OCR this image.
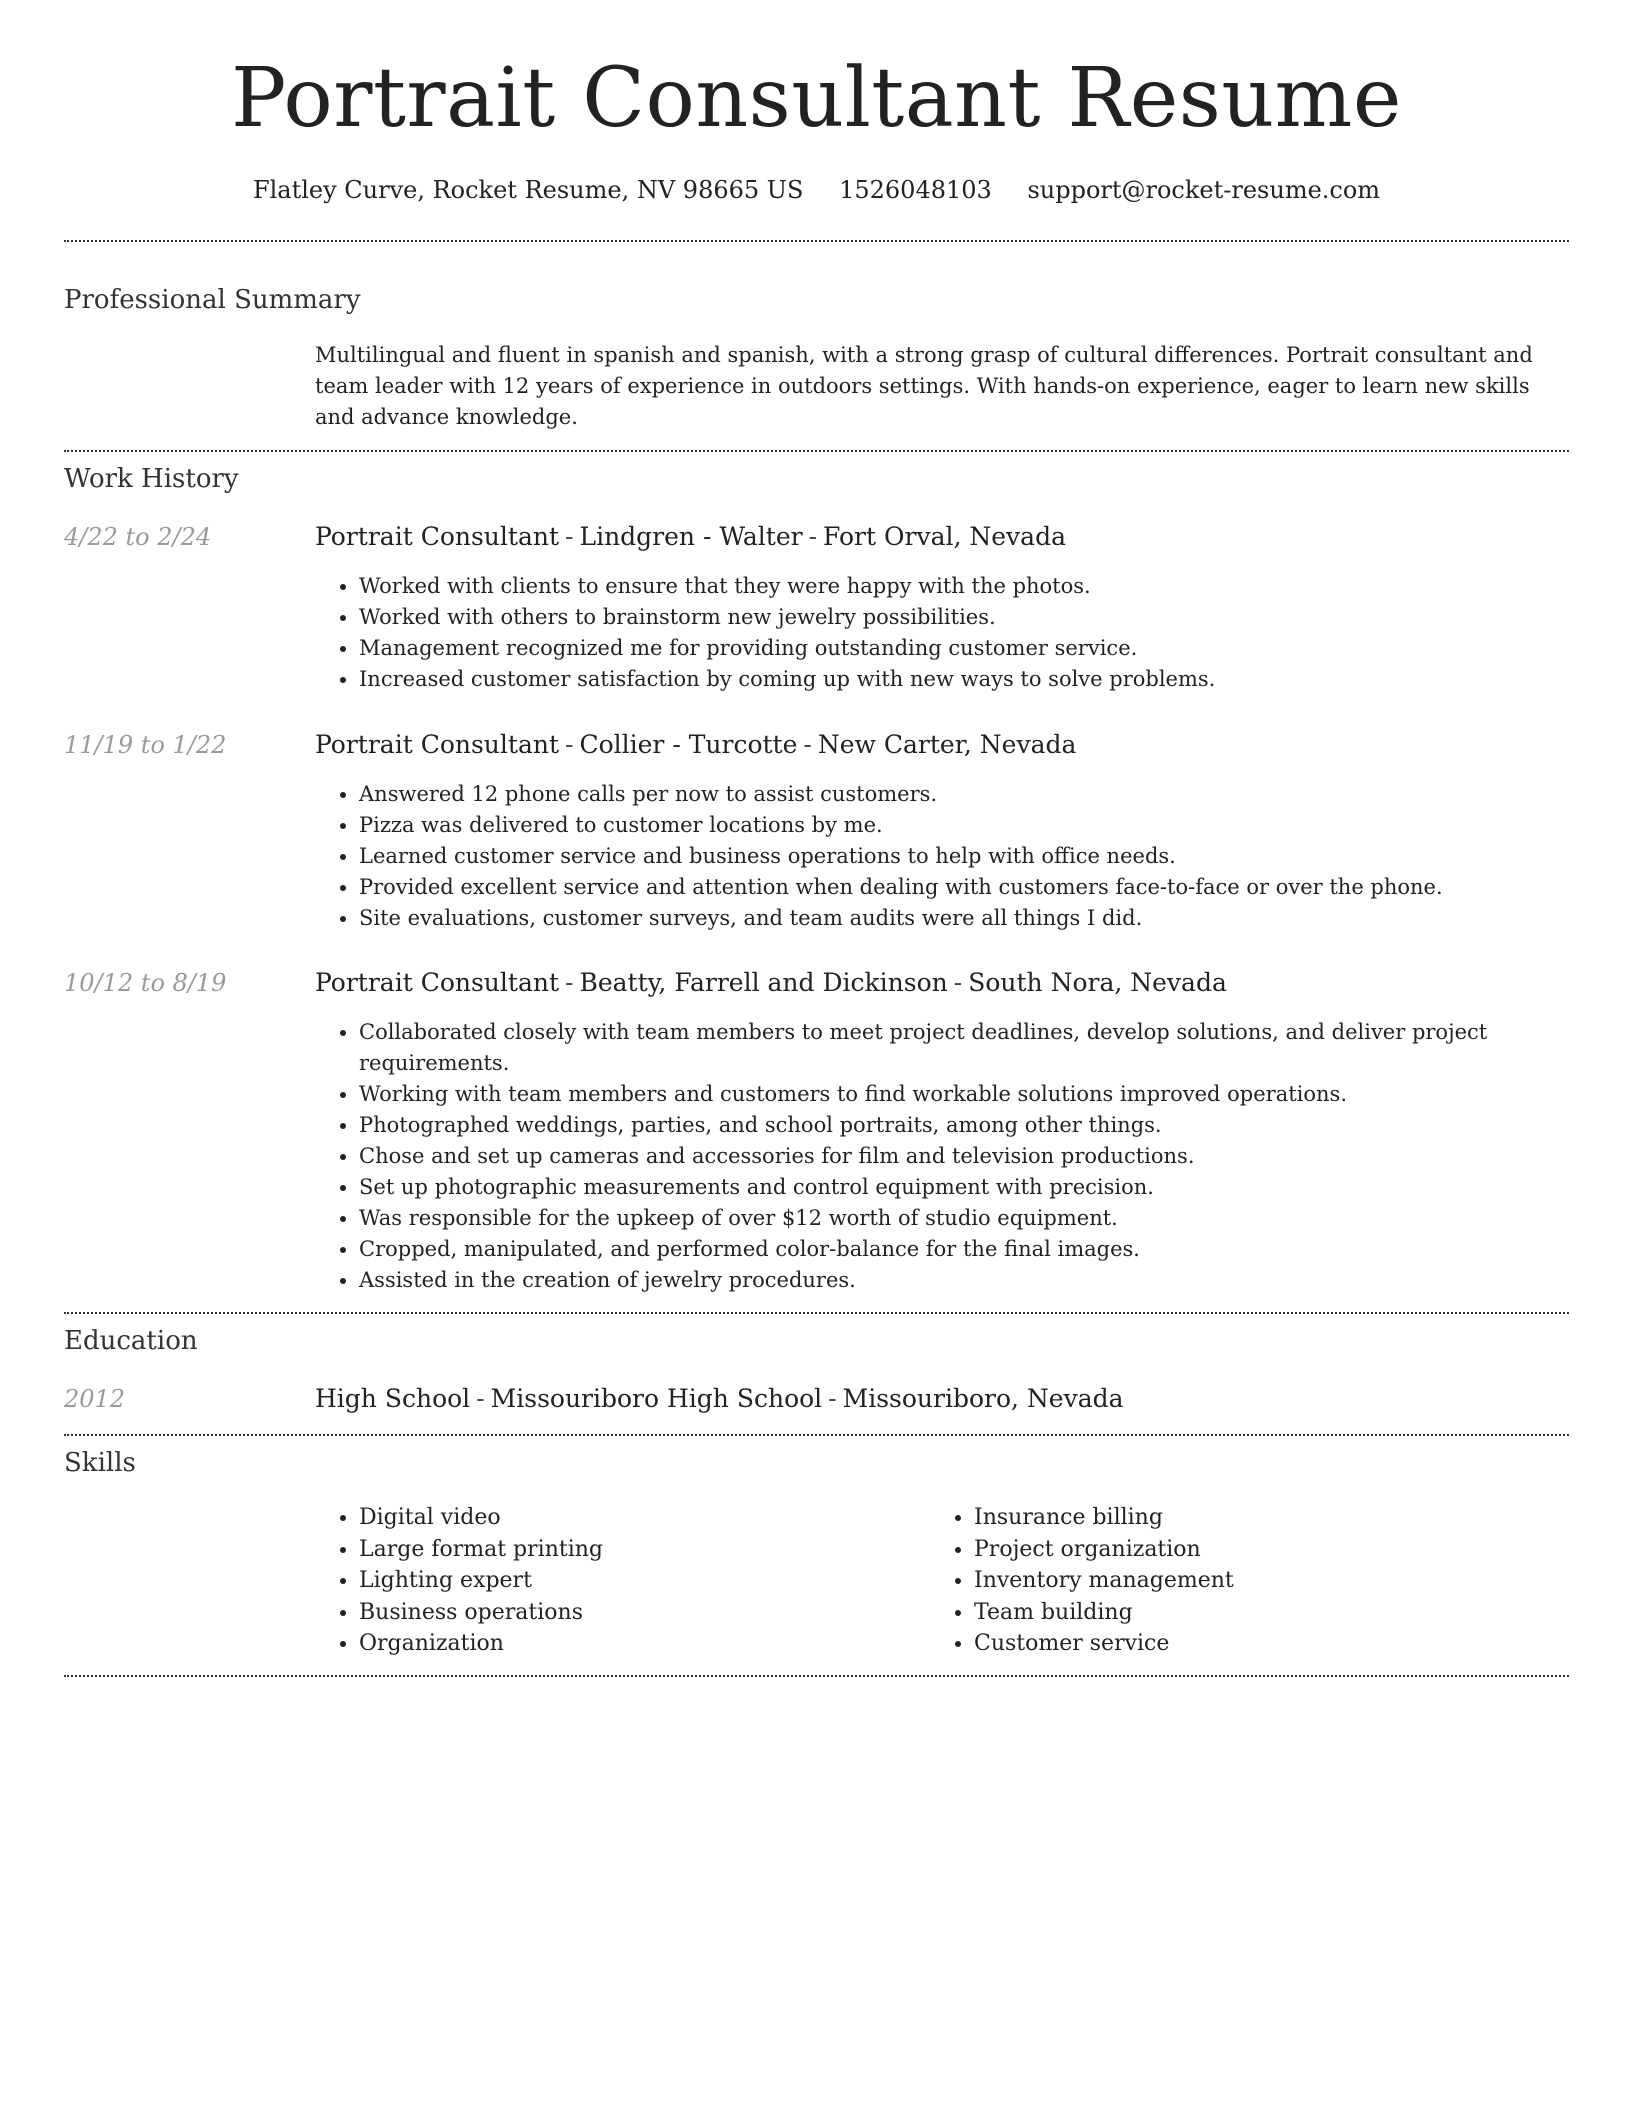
Portrait Consultant Resume
Flatley Curve, Rocket Resume, NV 98665 US 1526048103 support@rocket-resume.com
Professional Summary

Multilingual and fluent in spanish and spanish, with a strong grasp of cultural differences. Portrait consultant and team leader with 12 years of experience in outdoors settings. With hands-on experience, eager to learn new skills and advance knowledge.

Work History
4/22 to 2/24	Portrait Consultant - Lindgren - Walter - Fort Orval, Nevada
• Worked with clients to ensure that they were happy with the photos.
• Worked with others to brainstorm new jewelry possibilities.
• Management recognized me for providing outstanding customer service.
• Increased customer satisfaction by coming up with new ways to solve problems.
11/19 to 1/22	Portrait Consultant - Collier - Turcotte - New Carter, Nevada
• Answered 12 phone calls per now to assist customers.
• Pizza was delivered to customer locations by me.
• Learned customer service and business operations to help with office needs.
• Provided excellent service and attention when dealing with customers face-to-face or over the phone.
• Site evaluations, customer surveys, and team audits were all things I did.
10/12 to 8/19	Portrait Consultant - Beatty, Farrell and Dickinson - South Nora, Nevada
• Collaborated closely with team members to meet project deadlines, develop solutions, and deliver project requirements.
• Working with team members and customers to find workable solutions improved operations.
• Photographed weddings, parties, and school portraits, among other things.
• Chose and set up cameras and accessories for film and television productions.
• Set up photographic measurements and control equipment with precision.
• Was responsible for the upkeep of over $12 worth of studio equipment.
• Cropped, manipulated, and performed color-balance for the final images.
• Assisted in the creation of jewelry procedures.
Education
2012	High School - Missouriboro High School - Missouriboro, Nevada
Skills
• Digital video
• Large format printing
• Lighting expert
• Business operations
• Organization
• Insurance billing
• Project organization
• Inventory management
• Team building
• Customer service
